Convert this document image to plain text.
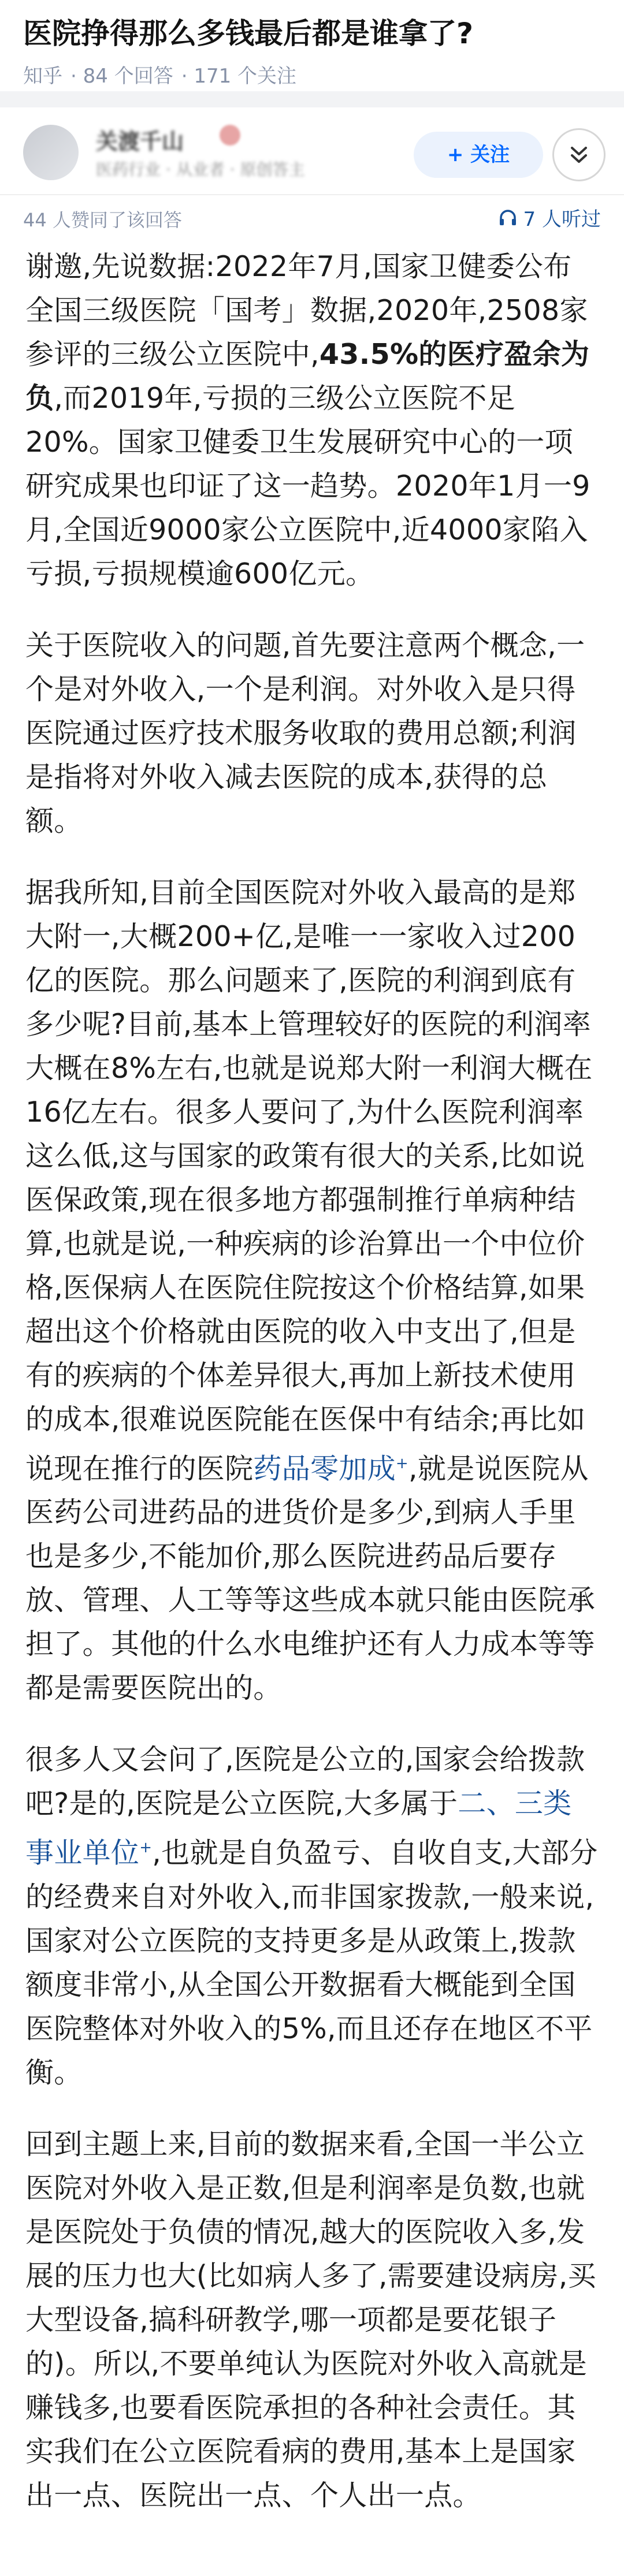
医院挣得那么多钱最后都是谁拿了?
知乎 · 84 个回答 · 171 个关注
关渡千山
医药行业 · 从业者 · 原创答主
+ 关注
44 人赞同了该回答	7 人听过

谢邀,先说数据:2022年7月,国家卫健委公布全国三级医院「国考」数据,2020年,2508家参评的三级公立医院中,43.5%的医疗盈余为负,而2019年,亏损的三级公立医院不足20%。国家卫健委卫生发展研究中心的一项研究成果也印证了这一趋势。2020年1月一9月,全国近9000家公立医院中,近4000家陷入亏损,亏损规模逾600亿元。

关于医院收入的问题,首先要注意两个概念,一个是对外收入,一个是利润。对外收入是只得医院通过医疗技术服务收取的费用总额;利润是指将对外收入减去医院的成本,获得的总额。

据我所知,目前全国医院对外收入最高的是郑大附一,大概200+亿,是唯一一家收入过200亿的医院。那么问题来了,医院的利润到底有多少呢?目前,基本上管理较好的医院的利润率大概在8%左右,也就是说郑大附一利润大概在16亿左右。很多人要问了,为什么医院利润率这么低,这与国家的政策有很大的关系,比如说医保政策,现在很多地方都强制推行单病种结算,也就是说,一种疾病的诊治算出一个中位价格,医保病人在医院住院按这个价格结算,如果超出这个价格就由医院的收入中支出了,但是有的疾病的个体差异很大,再加上新技术使用的成本,很难说医院能在医保中有结余;再比如说现在推行的医院药品零加成+,就是说医院从医药公司进药品的进货价是多少,到病人手里也是多少,不能加价,那么医院进药品后要存放、管理、人工等等这些成本就只能由医院承担了。其他的什么水电维护还有人力成本等等都是需要医院出的。

很多人又会问了,医院是公立的,国家会给拨款吧?是的,医院是公立医院,大多属于二、三类事业单位+,也就是自负盈亏、自收自支,大部分的经费来自对外收入,而非国家拨款,一般来说,国家对公立医院的支持更多是从政策上,拨款额度非常小,从全国公开数据看大概能到全国医院整体对外收入的5%,而且还存在地区不平衡。

回到主题上来,目前的数据来看,全国一半公立医院对外收入是正数,但是利润率是负数,也就是医院处于负债的情况,越大的医院收入多,发展的压力也大(比如病人多了,需要建设病房,买大型设备,搞科研教学,哪一项都是要花银子的)。所以,不要单纯认为医院对外收入高就是赚钱多,也要看医院承担的各种社会责任。其实我们在公立医院看病的费用,基本上是国家出一点、医院出一点、个人出一点。
